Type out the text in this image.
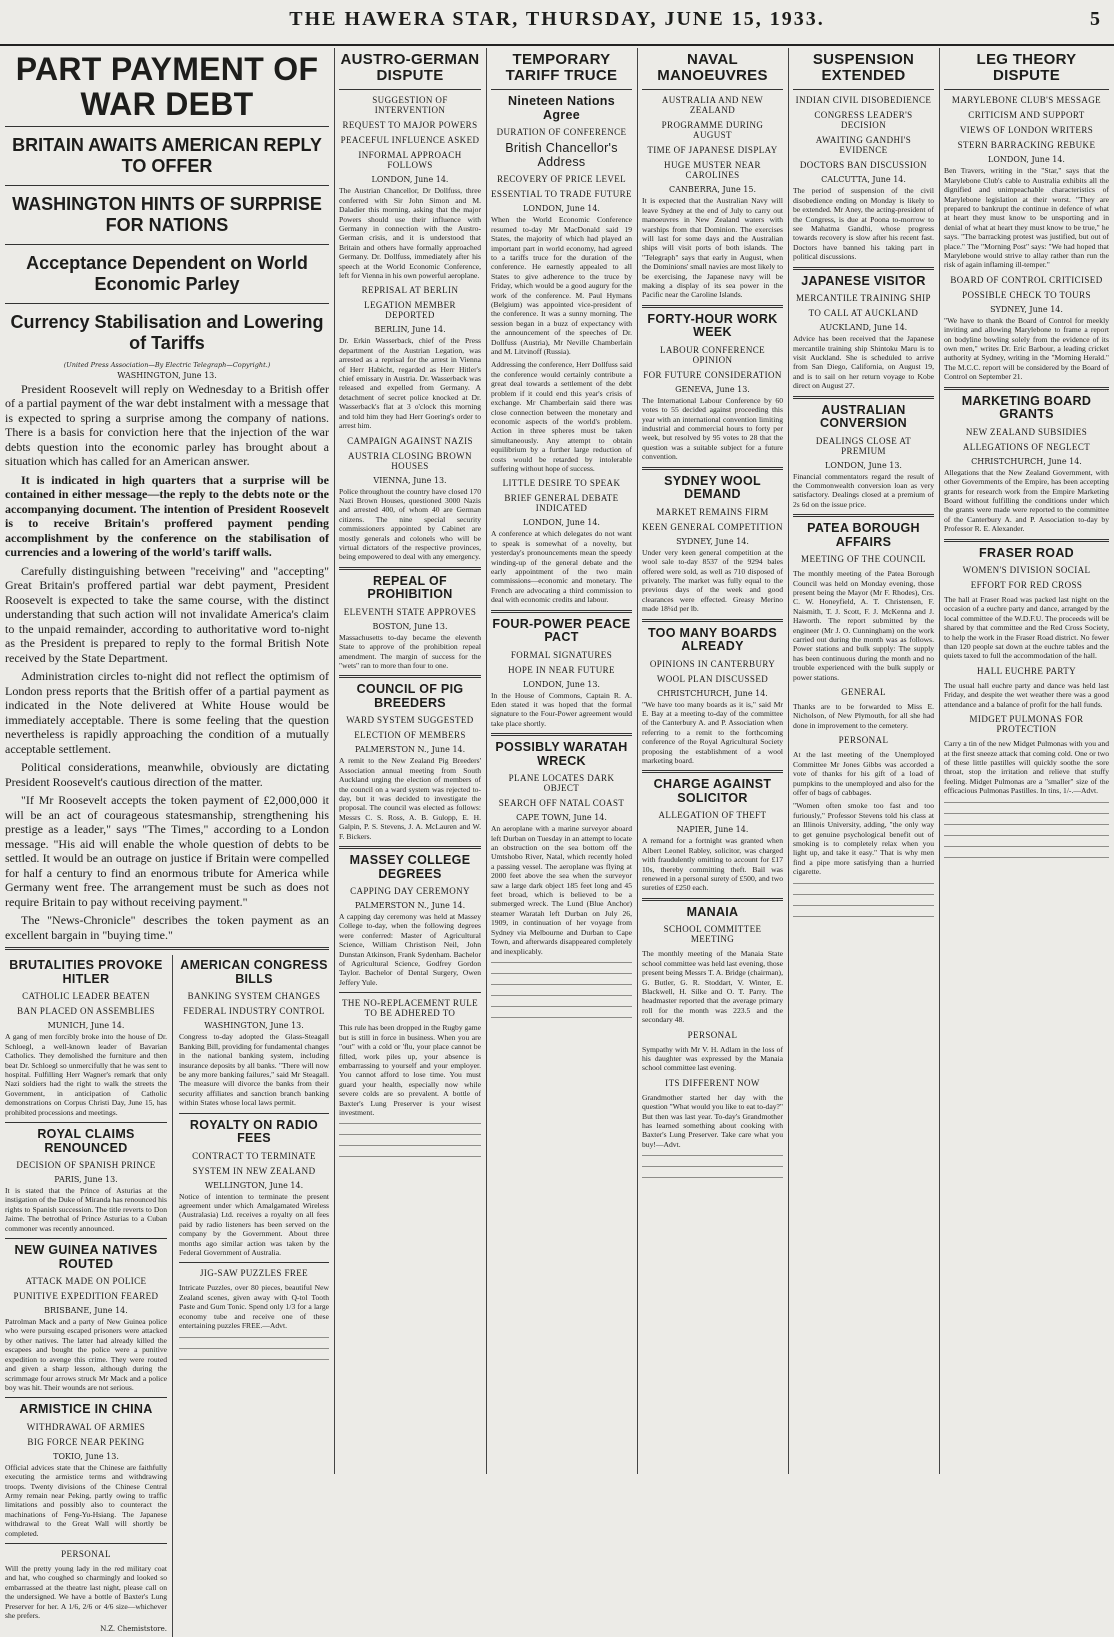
THE HAWERA STAR, THURSDAY, JUNE 15, 1933.	5
PART PAYMENT OF WAR DEBT
BRITAIN AWAITS AMERICAN REPLY TO OFFER
WASHINGTON HINTS OF SURPRISE FOR NATIONS
Acceptance Dependent on World Economic Parley
Currency Stabilisation and Lowering of Tariffs
(United Press Association—By Electric Telegraph—Copyright.)
WASHINGTON, June 13.

President Roosevelt will reply on Wednesday to a British offer of a partial payment of the war debt instalment with a message that is expected to spring a surprise among the company of nations. There is a basis for conviction here that the injection of the war debts question into the economic parley has brought about a situation which has called for an American answer.

It is indicated in high quarters that a surprise will be contained in either message—the reply to the debts note or the accompanying document. The intention of President Roosevelt is to receive Britain's proffered payment pending accomplishment by the conference on the stabilisation of currencies and a lowering of the world's tariff walls.

Carefully distinguishing between "receiving" and "accepting" Great Britain's proffered partial war debt payment, President Roosevelt is expected to take the same course, with the distinct understanding that such action will not invalidate America's claim to the unpaid remainder, according to authoritative word to-night as the President is prepared to reply to the formal British Note received by the State Department.

Administration circles to-night did not reflect the optimism of London press reports that the British offer of a partial payment as indicated in the Note delivered at White House would be immediately acceptable. There is some feeling that the question nevertheless is rapidly approaching the condition of a mutually acceptable settlement.

Political considerations, meanwhile, obviously are dictating President Roosevelt's cautious direction of the matter.

"If Mr Roosevelt accepts the token payment of £2,000,000 it will be an act of courageous statesmanship, strengthening his prestige as a leader," says "The Times," according to a London message. "His aid will enable the whole question of debts to be settled. It would be an outrage on justice if Britain were compelled for half a century to find an enormous tribute for America while Germany went free. The arrangement must be such as does not require Britain to pay without receiving payment."

The "News-Chronicle" describes the token payment as an excellent bargain in "buying time."

BRUTALITIES PROVOKE HITLER
CATHOLIC LEADER BEATEN
BAN PLACED ON ASSEMBLIES
MUNICH, June 14.

A gang of men forcibly broke into the house of Dr. Schloegl, a well-known leader of Bavarian Catholics. They demolished the furniture and then beat Dr. Schloegl so unmercifully that he was sent to hospital. Fulfilling Herr Wagner's remark that only Nazi soldiers had the right to walk the streets the Government, in anticipation of Catholic demonstrations on Corpus Christi Day, June 15, has prohibited processions and meetings.

ROYAL CLAIMS RENOUNCED
DECISION OF SPANISH PRINCE
PARIS, June 13.

It is stated that the Prince of Asturias at the instigation of the Duke of Miranda has renounced his rights to Spanish succession. The title reverts to Don Jaime. The betrothal of Prince Asturias to a Cuban commoner was recently announced.

NEW GUINEA NATIVES ROUTED
ATTACK MADE ON POLICE
PUNITIVE EXPEDITION FEARED
BRISBANE, June 14.

Patrolman Mack and a party of New Guinea police who were pursuing escaped prisoners were attacked by other natives. The latter had already killed the escapees and bought the police were a punitive expedition to avenge this crime. They were routed and given a sharp lesson, although during the scrimmage four arrows struck Mr Mack and a police boy was hit. Their wounds are not serious.

ARMISTICE IN CHINA
WITHDRAWAL OF ARMIES
BIG FORCE NEAR PEKING
TOKIO, June 13.

Official advices state that the Chinese are faithfully executing the armistice terms and withdrawing troops. Twenty divisions of the Chinese Central Army remain near Peking, partly owing to traffic limitations and possibly also to counteract the machinations of Feng-Yu-Hsiang. The Japanese withdrawal to the Great Wall will shortly be completed.

PERSONAL

Will the pretty young lady in the red military coat and hat, who coughed so charmingly and looked so embarrassed at the theatre last night, please call on the undersigned. We have a bottle of Baxter's Lung Preserver for her. A 1/6, 2/6 or 4/6 size—whichever she prefers.

N.Z. Chemiststore.
AMERICAN CONGRESS BILLS
BANKING SYSTEM CHANGES
FEDERAL INDUSTRY CONTROL
WASHINGTON, June 13.

Congress to-day adopted the Glass-Steagall Banking Bill, providing for fundamental changes in the national banking system, including insurance deposits by all banks. "There will now be any more banking failures," said Mr Steagall. The measure will divorce the banks from their security affiliates and sanction branch banking within States whose local laws permit.

ROYALTY ON RADIO FEES
CONTRACT TO TERMINATE
SYSTEM IN NEW ZEALAND
WELLINGTON, June 14.

Notice of intention to terminate the present agreement under which Amalgamated Wireless (Australasia) Ltd. receives a royalty on all fees paid by radio listeners has been served on the company by the Government. About three months ago similar action was taken by the Federal Government of Australia.

JIG-SAW PUZZLES FREE

Intricate Puzzles, over 80 pieces, beautiful New Zealand scenes, given away with Q-tol Tooth Paste and Gum Tonic. Spend only 1/3 for a large economy tube and receive one of these entertaining puzzles FREE.—Advt.

AUSTRO-GERMAN DISPUTE
SUGGESTION OF INTERVENTION
REQUEST TO MAJOR POWERS
PEACEFUL INFLUENCE ASKED
INFORMAL APPROACH FOLLOWS
LONDON, June 14.

The Austrian Chancellor, Dr Dollfuss, three conferred with Sir John Simon and M. Daladier this morning, asking that the major Powers should use their influence with Germany in connection with the Austro-German crisis, and it is understood that Britain and others have formally approached Germany. Dr. Dollfuss, immediately after his speech at the World Economic Conference, left for Vienna in his own powerful aeroplane.

REPRISAL AT BERLIN
LEGATION MEMBER DEPORTED
BERLIN, June 14.

Dr. Erkin Wasserback, chief of the Press department of the Austrian Legation, was arrested as a reprisal for the arrest in Vienna of Herr Habicht, regarded as Herr Hitler's chief emissary in Austria. Dr. Wasserback was released and expelled from Germany. A detachment of secret police knocked at Dr. Wasserback's flat at 3 o'clock this morning and told him they had Herr Goering's order to arrest him.

CAMPAIGN AGAINST NAZIS
AUSTRIA CLOSING BROWN HOUSES
VIENNA, June 13.

Police throughout the country have closed 170 Nazi Brown Houses, questioned 3000 Nazis and arrested 400, of whom 40 are German citizens. The nine special security commissioners appointed by Cabinet are mostly generals and colonels who will be virtual dictators of the respective provinces, being empowered to deal with any emergency.

REPEAL OF PROHIBITION
ELEVENTH STATE APPROVES
BOSTON, June 13.

Massachusetts to-day became the eleventh State to approve of the prohibition repeal amendment. The margin of success for the "wets" ran to more than four to one.

COUNCIL OF PIG BREEDERS
WARD SYSTEM SUGGESTED
ELECTION OF MEMBERS
PALMERSTON N., June 14.

A remit to the New Zealand Pig Breeders' Association annual meeting from South Auckland urging the election of members of the council on a ward system was rejected to-day, but it was decided to investigate the proposal. The council was elected as follows: Messrs C. S. Ross, A. B. Gulopp, E. H. Galpin, P. S. Stevens, J. A. McLauren and W. F. Bickers.

MASSEY COLLEGE DEGREES
CAPPING DAY CEREMONY
PALMERSTON N., June 14.

A capping day ceremony was held at Massey College to-day, when the following degrees were conferred: Master of Agricultural Science, William Christison Neil, John Dunstan Atkinson, Frank Sydenham. Bachelor of Agricultural Science, Godfrey Gordon Taylor. Bachelor of Dental Surgery, Owen Jeffery Yule.

THE NO-REPLACEMENT RULE TO BE ADHERED TO

This rule has been dropped in the Rugby game but is still in force in business. When you are "out" with a cold or 'flu, your place cannot be filled, work piles up, your absence is embarrassing to yourself and your employer. You cannot afford to lose time. You must guard your health, especially now while severe colds are so prevalent. A bottle of Baxter's Lung Preserver is your wisest investment.

TEMPORARY TARIFF TRUCE
Nineteen Nations Agree
DURATION OF CONFERENCE
British Chancellor's Address
RECOVERY OF PRICE LEVEL
ESSENTIAL TO TRADE FUTURE
LONDON, June 14.

When the World Economic Conference resumed to-day Mr MacDonald said 19 States, the majority of which had played an important part in world economy, had agreed to a tariffs truce for the duration of the conference. He earnestly appealed to all States to give adherence to the truce by Friday, which would be a good augury for the work of the conference. M. Paul Hymans (Belgium) was appointed vice-president of the conference. It was a sunny morning. The session began in a buzz of expectancy with the announcement of the speeches of Dr. Dollfuss (Austria), Mr Neville Chamberlain and M. Litvinoff (Russia).

Addressing the conference, Herr Dollfuss said the conference would certainly contribute a great deal towards a settlement of the debt problem if it could end this year's crisis of exchange. Mr Chamberlain said there was close connection between the monetary and economic aspects of the world's problem. Action in three spheres must be taken simultaneously. Any attempt to obtain equilibrium by a further large reduction of costs would be retarded by intolerable suffering without hope of success.

LITTLE DESIRE TO SPEAK
BRIEF GENERAL DEBATE INDICATED
LONDON, June 14.

A conference at which delegates do not want to speak is somewhat of a novelty, but yesterday's pronouncements mean the speedy winding-up of the general debate and the early appointment of the two main commissions—economic and monetary. The French are advocating a third commission to deal with economic credits and labour.

FOUR-POWER PEACE PACT
FORMAL SIGNATURES
HOPE IN NEAR FUTURE
LONDON, June 13.

In the House of Commons, Captain R. A. Eden stated it was hoped that the formal signature to the Four-Power agreement would take place shortly.

POSSIBLY WARATAH WRECK
PLANE LOCATES DARK OBJECT
SEARCH OFF NATAL COAST
CAPE TOWN, June 14.

An aeroplane with a marine surveyor aboard left Durban on Tuesday in an attempt to locate an obstruction on the sea bottom off the Umtshobo River, Natal, which recently holed a passing vessel. The aeroplane was flying at 2000 feet above the sea when the surveyor saw a large dark object 185 feet long and 45 feet broad, which is believed to be a submerged wreck. The Lund (Blue Anchor) steamer Waratah left Durban on July 26, 1909, in continuation of her voyage from Sydney via Melbourne and Durban to Cape Town, and afterwards disappeared completely and inexplicably.

NAVAL MANOEUVRES
AUSTRALIA AND NEW ZEALAND
PROGRAMME DURING AUGUST
TIME OF JAPANESE DISPLAY
HUGE MUSTER NEAR CAROLINES
CANBERRA, June 15.

It is expected that the Australian Navy will leave Sydney at the end of July to carry out manoeuvres in New Zealand waters with warships from that Dominion. The exercises will last for some days and the Australian ships will visit ports of both islands. The "Telegraph" says that early in August, when the Dominions' small navies are most likely to be exercising, the Japanese navy will be making a display of its sea power in the Pacific near the Caroline Islands.

FORTY-HOUR WORK WEEK
LABOUR CONFERENCE OPINION
FOR FUTURE CONSIDERATION
GENEVA, June 13.

The International Labour Conference by 60 votes to 55 decided against proceeding this year with an international convention limiting industrial and commercial hours to forty per week, but resolved by 95 votes to 28 that the question was a suitable subject for a future convention.

SYDNEY WOOL DEMAND
MARKET REMAINS FIRM
KEEN GENERAL COMPETITION
SYDNEY, June 14.

Under very keen general competition at the wool sale to-day 8537 of the 9294 bales offered were sold, as well as 710 disposed of privately. The market was fully equal to the previous days of the week and good clearances were effected. Greasy Merino made 18¼d per lb.

TOO MANY BOARDS ALREADY
OPINIONS IN CANTERBURY
WOOL PLAN DISCUSSED
CHRISTCHURCH, June 14.

"We have too many boards as it is," said Mr E. Bay at a meeting to-day of the committee of the Canterbury A. and P. Association when referring to a remit to the forthcoming conference of the Royal Agricultural Society proposing the establishment of a wool marketing board.

CHARGE AGAINST SOLICITOR
ALLEGATION OF THEFT
NAPIER, June 14.

A remand for a fortnight was granted when Albert Leonel Rabley, solicitor, was charged with fraudulently omitting to account for £17 10s, thereby committing theft. Bail was renewed in a personal surety of £500, and two sureties of £250 each.

MANAIA
SCHOOL COMMITTEE MEETING

The monthly meeting of the Manaia State school committee was held last evening, those present being Messrs T. A. Bridge (chairman), G. Butler, G. R. Stoddart, V. Winter, E. Blackwell, H. Silke and O. T. Parry. The headmaster reported that the average primary roll for the month was 223.5 and the secondary 48.

PERSONAL

Sympathy with Mr V. H. Adlam in the loss of his daughter was expressed by the Manaia school committee last evening.

ITS DIFFERENT NOW

Grandmother started her day with the question "What would you like to eat to-day?" But then was last year. To-day's Grandmother has learned something about cooking with Baxter's Lung Preserver. Take care what you buy!—Advt.

SUSPENSION EXTENDED
INDIAN CIVIL DISOBEDIENCE
CONGRESS LEADER'S DECISION
AWAITING GANDHI'S EVIDENCE
DOCTORS BAN DISCUSSION
CALCUTTA, June 14.

The period of suspension of the civil disobedience ending on Monday is likely to be extended. Mr Aney, the acting-president of the Congress, is due at Poona to-morrow to see Mahatma Gandhi, whose progress towards recovery is slow after his recent fast. Doctors have banned his taking part in political discussions.

JAPANESE VISITOR
MERCANTILE TRAINING SHIP
TO CALL AT AUCKLAND
AUCKLAND, June 14.

Advice has been received that the Japanese mercantile training ship Shintoku Maru is to visit Auckland. She is scheduled to arrive from San Diego, California, on August 19, and is to sail on her return voyage to Kobe direct on August 27.

AUSTRALIAN CONVERSION
DEALINGS CLOSE AT PREMIUM
LONDON, June 13.

Financial commentators regard the result of the Commonwealth conversion loan as very satisfactory. Dealings closed at a premium of 2s 6d on the issue price.

PATEA BOROUGH AFFAIRS
MEETING OF THE COUNCIL

The monthly meeting of the Patea Borough Council was held on Monday evening, those present being the Mayor (Mr F. Rhodes), Crs. C. W. Honeyfield, A. T. Christensen, F. Naismith, T. J. Scott, F. J. McKenna and J. Haworth. The report submitted by the engineer (Mr J. O. Cunningham) on the work carried out during the month was as follows. Power stations and bulk supply: The supply has been continuous during the month and no trouble experienced with the bulk supply or power stations.

GENERAL

Thanks are to be forwarded to Miss E. Nicholson, of New Plymouth, for all she had done in improvement to the cemetery.

PERSONAL

At the last meeting of the Unemployed Committee Mr Jones Gibbs was accorded a vote of thanks for his gift of a load of pumpkins to the unemployed and also for the offer of bags of cabbages.

"Women often smoke too fast and too furiously," Professor Stevens told his class at an Illinois University, adding, "the only way to get genuine psychological benefit out of smoking is to completely relax when you light up, and take it easy." That is why men find a pipe more satisfying than a hurried cigarette.

LEG THEORY DISPUTE
MARYLEBONE CLUB'S MESSAGE
CRITICISM AND SUPPORT
VIEWS OF LONDON WRITERS
STERN BARRACKING REBUKE
LONDON, June 14.

Ben Travers, writing in the "Star," says that the Marylebone Club's cable to Australia exhibits all the dignified and unimpeachable characteristics of Marylebone legislation at their worst. "They are prepared to bankrupt the continue in defence of what at heart they must know to be unsporting and in denial of what at heart they must know to be true," he says. "The barracking protest was justified, but out of place." The "Morning Post" says: "We had hoped that Marylebone would strive to allay rather than run the risk of again inflaming ill-temper."

BOARD OF CONTROL CRITICISED
POSSIBLE CHECK TO TOURS
SYDNEY, June 14.

"We have to thank the Board of Control for meekly inviting and allowing Marylebone to frame a report on bodyline bowling solely from the evidence of its own men," writes Dr. Eric Barbour, a leading cricket authority at Sydney, writing in the "Morning Herald." The M.C.C. report will be considered by the Board of Control on September 21.

MARKETING BOARD GRANTS
NEW ZEALAND SUBSIDIES
ALLEGATIONS OF NEGLECT
CHRISTCHURCH, June 14.

Allegations that the New Zealand Government, with other Governments of the Empire, has been accepting grants for research work from the Empire Marketing Board without fulfilling the conditions under which the grants were made were reported to the committee of the Canterbury A. and P. Association to-day by Professor R. E. Alexander.

FRASER ROAD
WOMEN'S DIVISION SOCIAL
EFFORT FOR RED CROSS

The hall at Fraser Road was packed last night on the occasion of a euchre party and dance, arranged by the local committee of the W.D.F.U. The proceeds will be shared by that committee and the Red Cross Society, to help the work in the Fraser Road district. No fewer than 120 people sat down at the euchre tables and the quiets taxed to full the accommodation of the hall.

HALL EUCHRE PARTY

The usual hall euchre party and dance was held last Friday, and despite the wet weather there was a good attendance and a balance of profit for the hall funds.

MIDGET PULMONAS FOR PROTECTION

Carry a tin of the new Midget Pulmonas with you and at the first sneeze attack that coming cold. One or two of these little pastilles will quickly soothe the sore throat, stop the irritation and relieve that stuffy feeling. Midget Pulmonas are a "smaller" size of the efficacious Pulmonas Pastilles. In tins, 1/-.—Advt.
